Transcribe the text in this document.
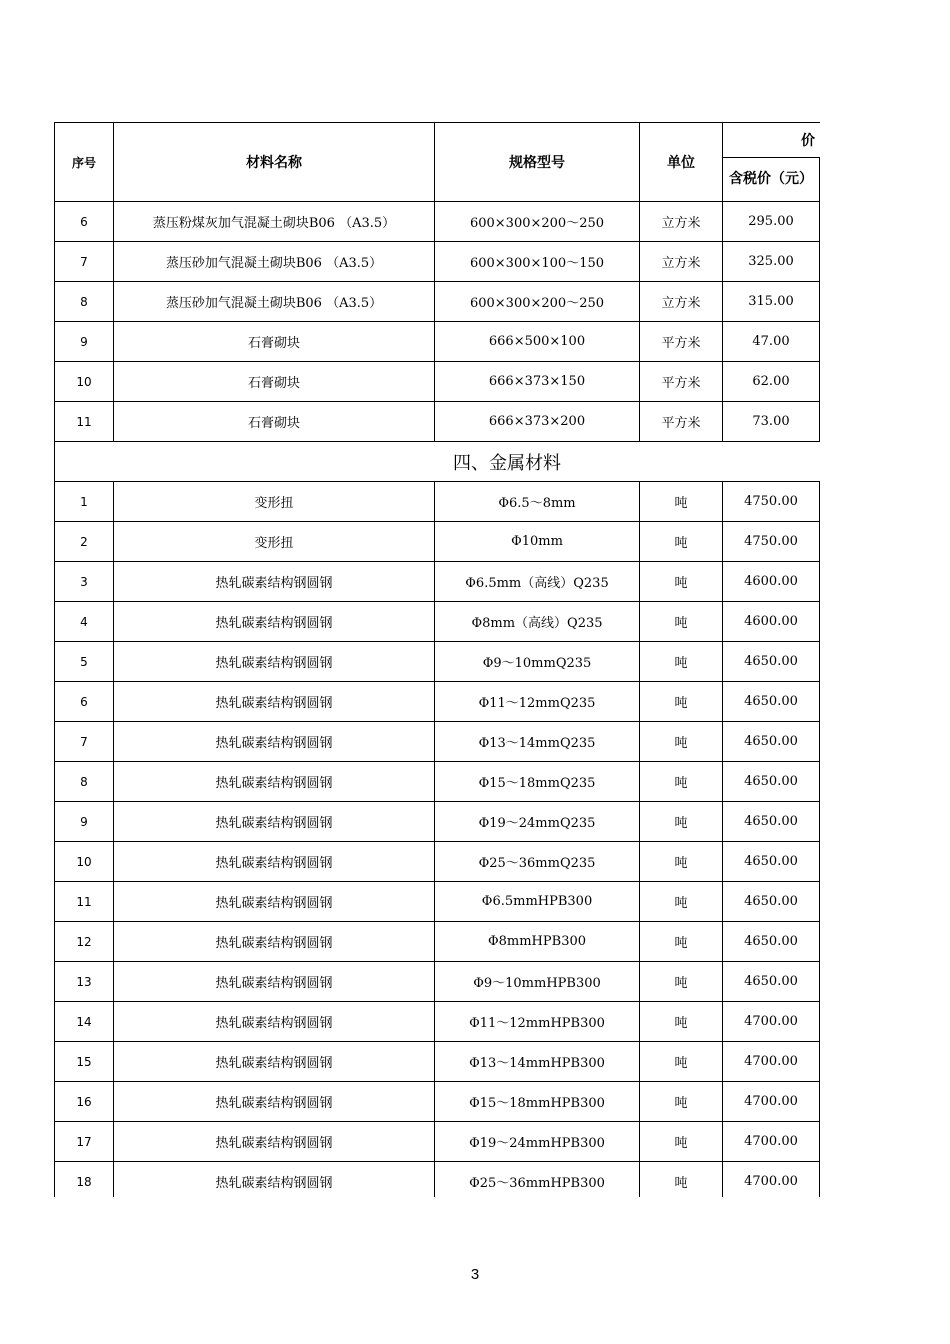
序号	材料名称	规格型号	单位	价	
				含税价（元）	
6	蒸压粉煤灰加气混凝土砌块B06 （A3.5）	600×300×200～250	立方米	295.00	
7	蒸压砂加气混凝土砌块B06 （A3.5）	600×300×100～150	立方米	325.00	
8	蒸压砂加气混凝土砌块B06 （A3.5）	600×300×200～250	立方米	315.00	
9	石膏砌块	666×500×100	平方米	47.00	
10	石膏砌块	666×373×150	平方米	62.00	
11	石膏砌块	666×373×200	平方米	73.00	
四、金属材料					
1	变形扭	Φ6.5～8mm	吨	4750.00	
2	变形扭	Φ10mm	吨	4750.00	
3	热轧碳素结构钢圆钢	Φ6.5mm（高线）Q235	吨	4600.00	
4	热轧碳素结构钢圆钢	Φ8mm（高线）Q235	吨	4600.00	
5	热轧碳素结构钢圆钢	Φ9～10mmQ235	吨	4650.00	
6	热轧碳素结构钢圆钢	Φ11～12mmQ235	吨	4650.00	
7	热轧碳素结构钢圆钢	Φ13～14mmQ235	吨	4650.00	
8	热轧碳素结构钢圆钢	Φ15～18mmQ235	吨	4650.00	
9	热轧碳素结构钢圆钢	Φ19～24mmQ235	吨	4650.00	
10	热轧碳素结构钢圆钢	Φ25～36mmQ235	吨	4650.00	
11	热轧碳素结构钢圆钢	Φ6.5mmHPB300	吨	4650.00	
12	热轧碳素结构钢圆钢	Φ8mmHPB300	吨	4650.00	
13	热轧碳素结构钢圆钢	Φ9～10mmHPB300	吨	4650.00	
14	热轧碳素结构钢圆钢	Φ11～12mmHPB300	吨	4700.00	
15	热轧碳素结构钢圆钢	Φ13～14mmHPB300	吨	4700.00	
16	热轧碳素结构钢圆钢	Φ15～18mmHPB300	吨	4700.00	
17	热轧碳素结构钢圆钢	Φ19～24mmHPB300	吨	4700.00	
18	热轧碳素结构钢圆钢	Φ25～36mmHPB300	吨	4700.00	
3
